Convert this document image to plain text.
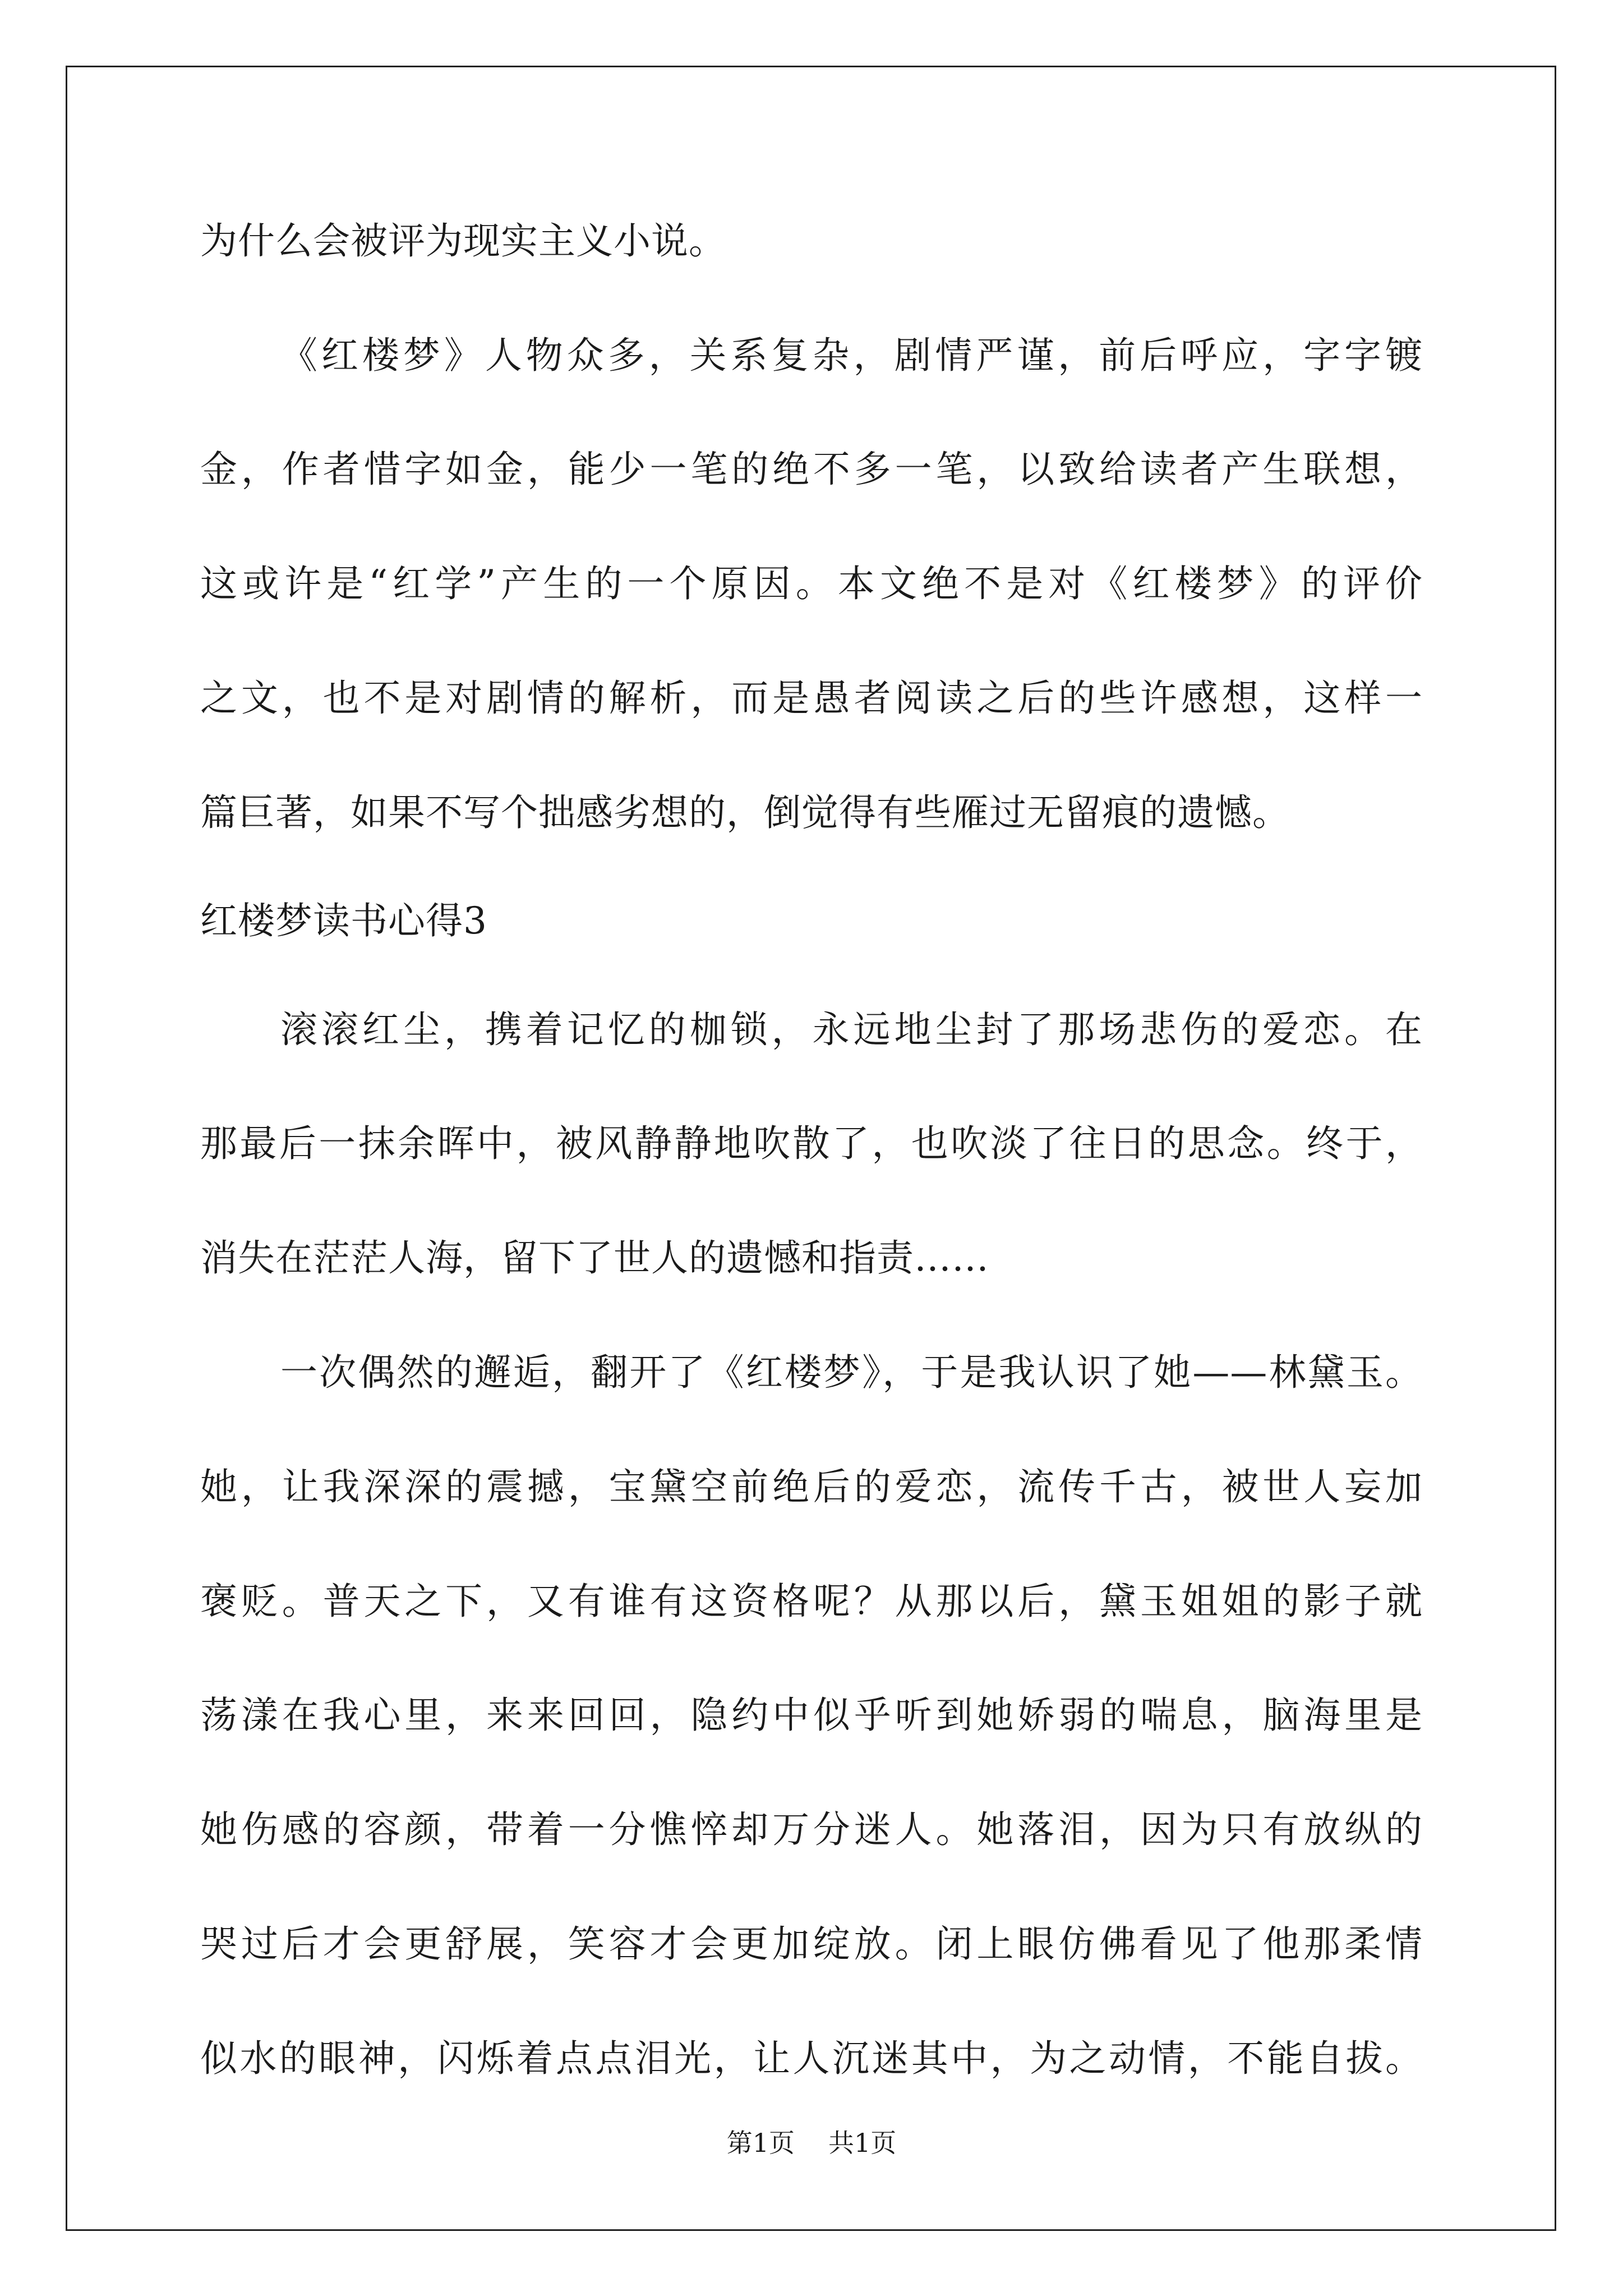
为什么会被评为现实主义小说。
《红楼梦》人物众多，关系复杂，剧情严谨，前后呼应，字字镀
金，作者惜字如金，能少一笔的绝不多一笔，以致给读者产生联想，
这或许是“红学”产生的一个原因。本文绝不是对《红楼梦》的评价
之文，也不是对剧情的解析，而是愚者阅读之后的些许感想，这样一
篇巨著，如果不写个拙感劣想的，倒觉得有些雁过无留痕的遗憾。
红楼梦读书心得3
滚滚红尘，携着记忆的枷锁，永远地尘封了那场悲伤的爱恋。在
那最后一抹余晖中，被风静静地吹散了，也吹淡了往日的思念。终于，
消失在茫茫人海，留下了世人的遗憾和指责……
一次偶然的邂逅，翻开了《红楼梦》，于是我认识了她——林黛玉。
她，让我深深的震撼，宝黛空前绝后的爱恋，流传千古，被世人妄加
褒贬。普天之下，又有谁有这资格呢？从那以后，黛玉姐姐的影子就
荡漾在我心里，来来回回，隐约中似乎听到她娇弱的喘息，脑海里是
她伤感的容颜，带着一分憔悴却万分迷人。她落泪，因为只有放纵的
哭过后才会更舒展，笑容才会更加绽放。闭上眼仿佛看见了他那柔情
似水的眼神，闪烁着点点泪光，让人沉迷其中，为之动情，不能自拔。
第1页 共1页
